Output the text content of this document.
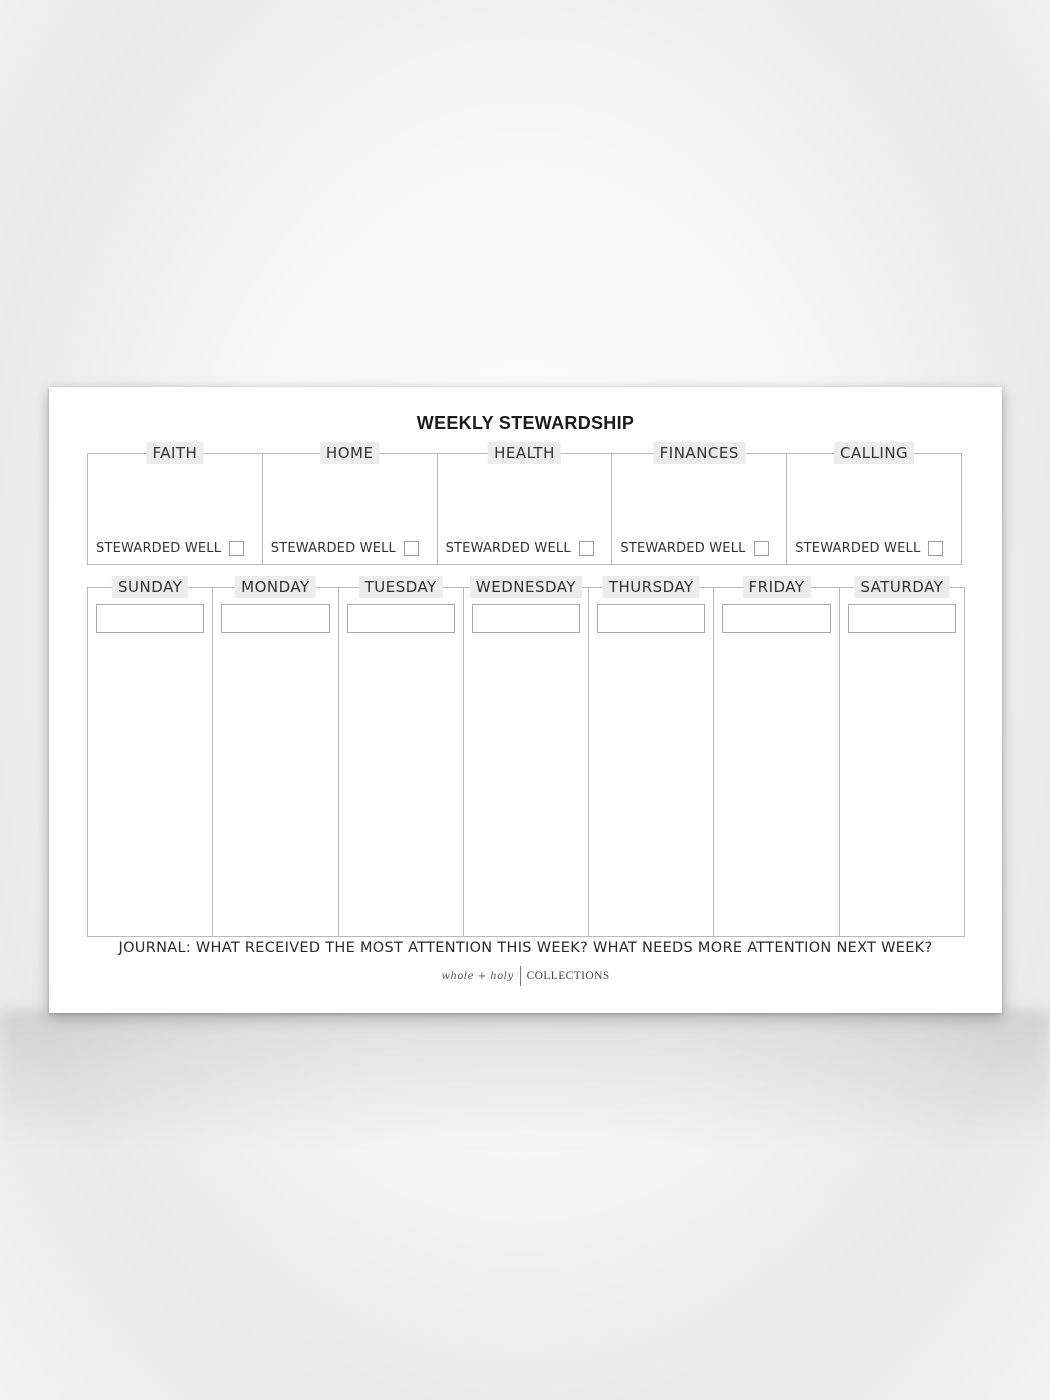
WEEKLY STEWARDSHIP
FAITH
STEWARDED WELL
HOME
STEWARDED WELL
HEALTH
STEWARDED WELL
FINANCES
STEWARDED WELL
CALLING
STEWARDED WELL
SUNDAY	MONDAY	TUESDAY	WEDNESDAY	THURSDAY	FRIDAY	SATURDAY
JOURNAL: WHAT RECEIVED THE MOST ATTENTION THIS WEEK? WHAT NEEDS MORE ATTENTION NEXT WEEK?
whole + holy	COLLECTIONS
